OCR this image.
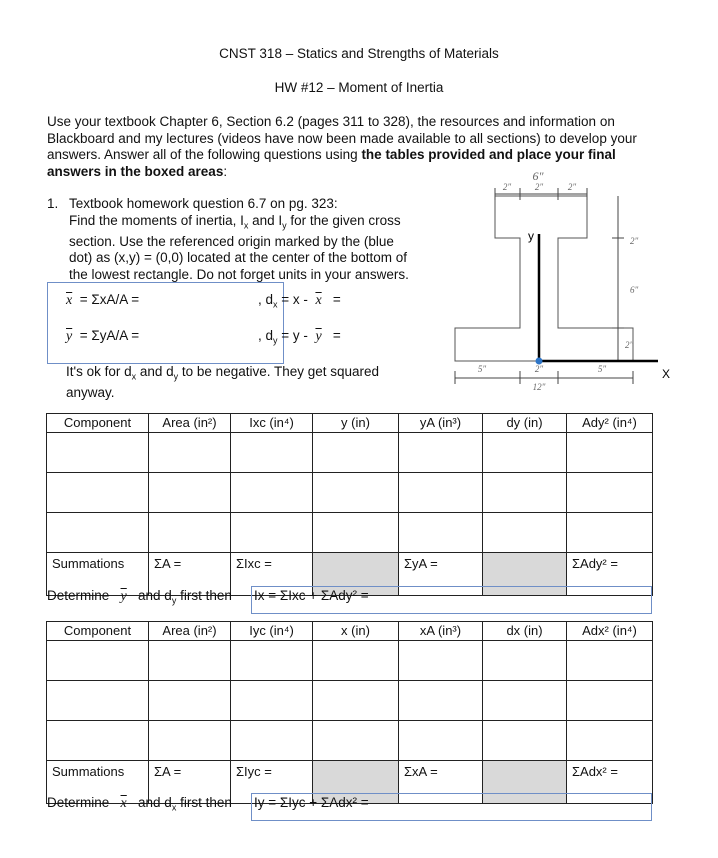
CNST 318 – Statics and Strengths of Materials
HW #12 – Moment of Inertia
Use your textbook Chapter 6, Section 6.2 (pages 311 to 328), the resources and information on Blackboard and my lectures (videos have now been made available to all sections) to develop your answers. Answer all of the following questions using the tables provided and place your final answers in the boxed areas:
1. Textbook homework question 6.7 on pg. 323:
Find the moments of inertia, $I_x$ and $I_y$ for the given cross
section. Use the referenced origin marked by the (blue
dot) as (x,y) = (0,0) located at the center of the bottom of
the lowest rectangle. Do not forget units in your answers.
$\overline{x} = \Sigma xA/A$ =	, $d_x = x - \overline{x}$ =
$\overline{y} = \Sigma yA/A$ =	, $d_y = y - \overline{y}$ =
It's ok for $d_x$ and $d_y$ to be negative. They get squared
anyway.
6"
2"	2"	2"
2"
6"
2"
5"	2"	5"
12"
y
X
Component	Area (in²)	Ixc (in⁴)	y (in)	yA (in³)	dy (in)	Ady² (in⁴)

Summations	ΣA =	ΣIxc =		ΣyA =		ΣAdy² =
Determine $\overline{y}$ and $d_y$ first then Ix = ΣIxc + ΣAdy² =
Component	Area (in²)	Iyc (in⁴)	x (in)	xA (in³)	dx (in)	Adx² (in⁴)

Summations	ΣA =	ΣIyc =		ΣxA =		ΣAdx² =
Determine $\overline{x}$ and $d_x$ first then Iy = ΣIyc + ΣAdx² =
